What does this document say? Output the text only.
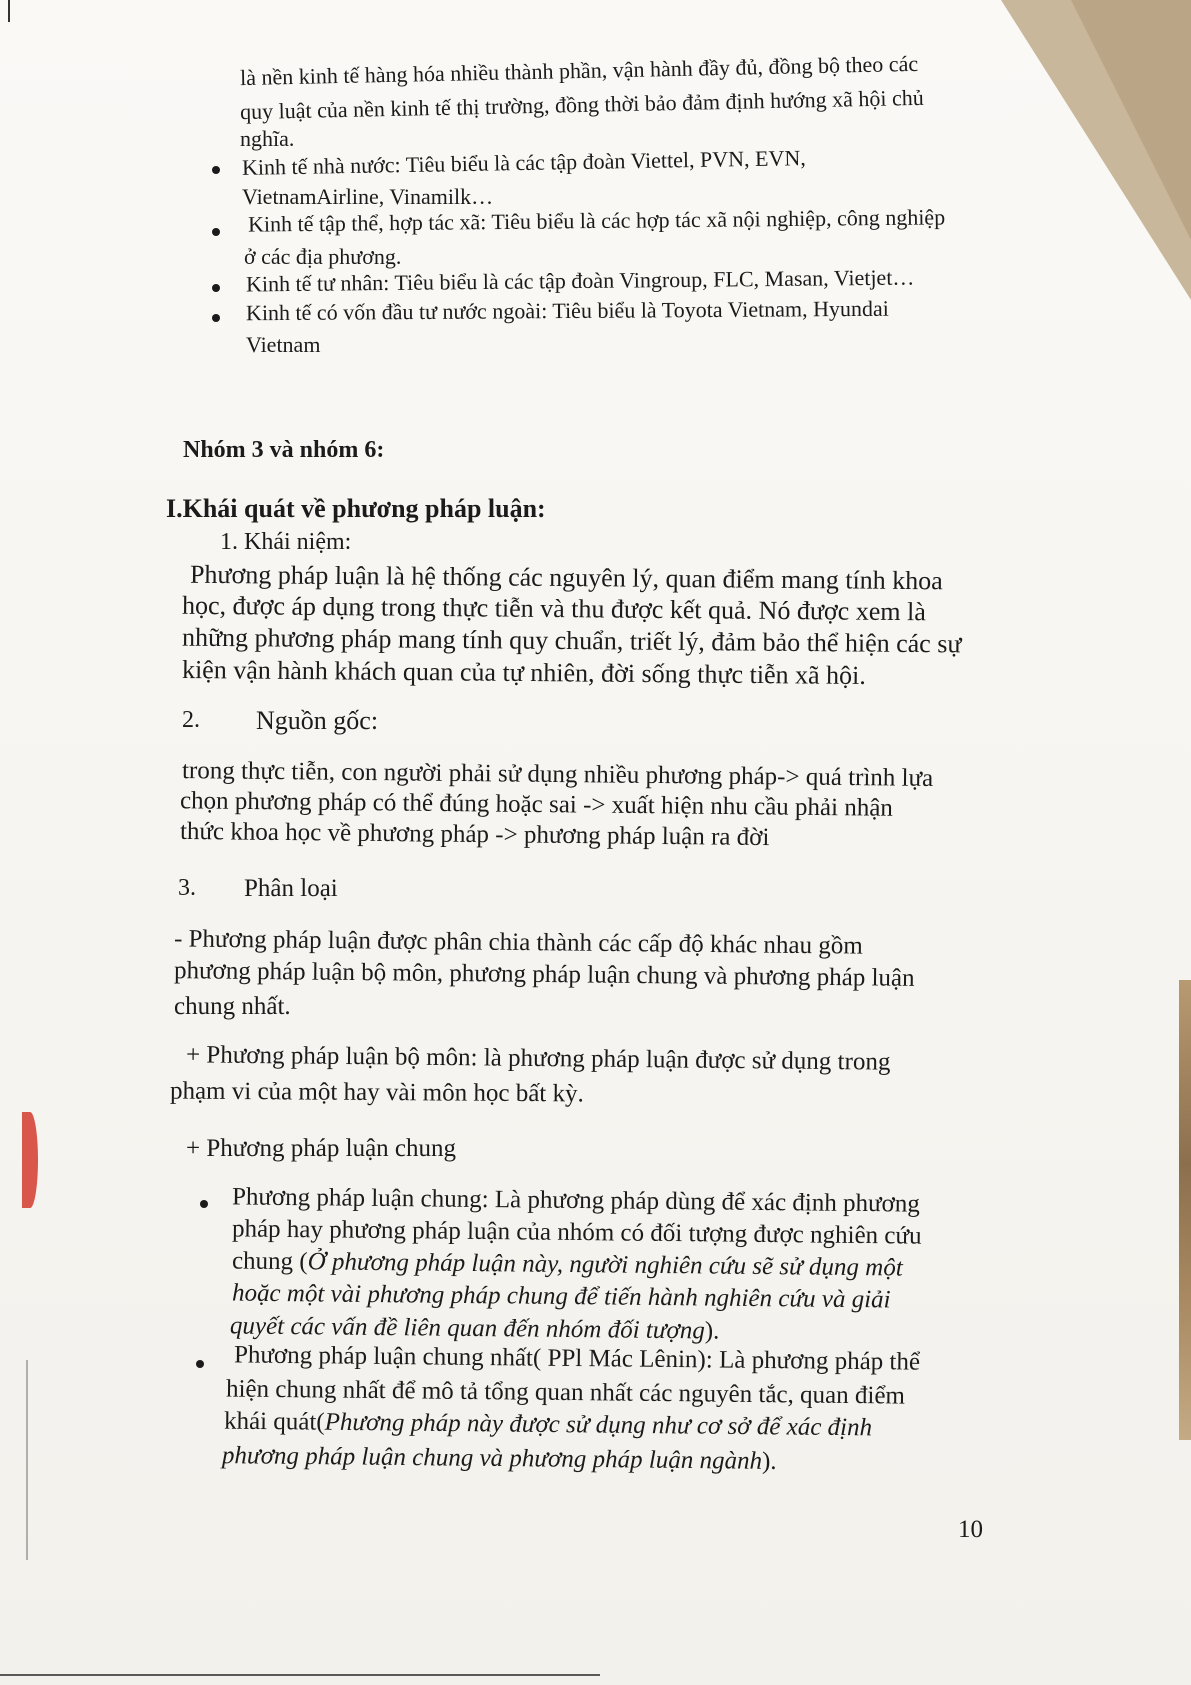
là nền kinh tế hàng hóa nhiều thành phần, vận hành đầy đủ, đồng bộ theo các
quy luật của nền kinh tế thị trường, đồng thời bảo đảm định hướng xã hội chủ
nghĩa.
Kinh tế nhà nước: Tiêu biểu là các tập đoàn Viettel, PVN, EVN,
VietnamAirline, Vinamilk…
Kinh tế tập thể, hợp tác xã: Tiêu biểu là các hợp tác xã nội nghiệp, công nghiệp
ở các địa phương.
Kinh tế tư nhân: Tiêu biểu là các tập đoàn Vingroup, FLC, Masan, Vietjet…
Kinh tế có vốn đầu tư nước ngoài: Tiêu biểu là Toyota Vietnam, Hyundai
Vietnam
Nhóm 3 và nhóm 6:
I.Khái quát về phương pháp luận:
1. Khái niệm:
Phương pháp luận là hệ thống các nguyên lý, quan điểm mang tính khoa
học, được áp dụng trong thực tiễn và thu được kết quả. Nó được xem là
những phương pháp mang tính quy chuẩn, triết lý, đảm bảo thể hiện các sự
kiện vận hành khách quan của tự nhiên, đời sống thực tiễn xã hội.
2. Nguồn gốc:
trong thực tiễn, con người phải sử dụng nhiều phương pháp-> quá trình lựa
chọn phương pháp có thể đúng hoặc sai -> xuất hiện nhu cầu phải nhận
thức khoa học về phương pháp -> phương pháp luận ra đời
3. Phân loại
- Phương pháp luận được phân chia thành các cấp độ khác nhau gồm
phương pháp luận bộ môn, phương pháp luận chung và phương pháp luận
chung nhất.
+ Phương pháp luận bộ môn: là phương pháp luận được sử dụng trong
phạm vi của một hay vài môn học bất kỳ.
+ Phương pháp luận chung
Phương pháp luận chung: Là phương pháp dùng để xác định phương
pháp hay phương pháp luận của nhóm có đối tượng được nghiên cứu
chung (Ở phương pháp luận này, người nghiên cứu sẽ sử dụng một
hoặc một vài phương pháp chung để tiến hành nghiên cứu và giải
quyết các vấn đề liên quan đến nhóm đối tượng).
Phương pháp luận chung nhất( PPl Mác Lênin): Là phương pháp thể
hiện chung nhất để mô tả tổng quan nhất các nguyên tắc, quan điểm
khái quát(Phương pháp này được sử dụng như cơ sở để xác định
phương pháp luận chung và phương pháp luận ngành).
10
